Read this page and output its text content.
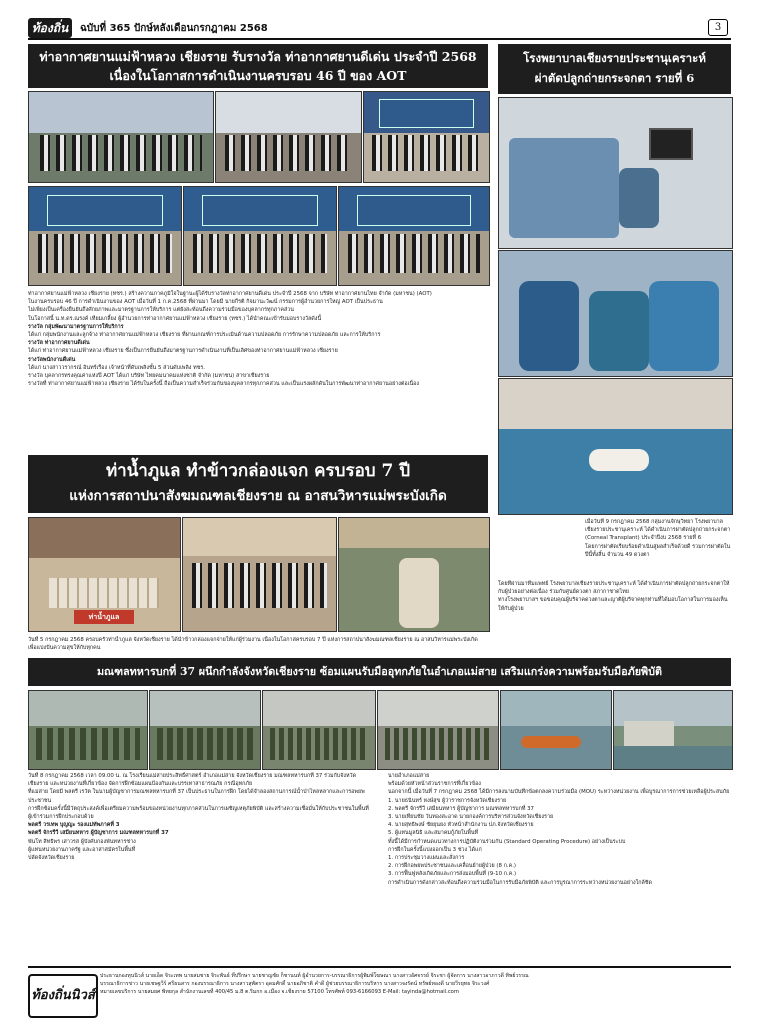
ท้องถิ่น	ฉบับที่ 365 ปักษ์หลังเดือนกรกฎาคม 2568	3
ท่าอากาศยานแม่ฟ้าหลวง เชียงราย รับรางวัล ท่าอากาศยานดีเด่น ประจำปี 2568
เนื่องในโอกาสการดำเนินงานครบรอบ 46 ปี ของ AOT

ท่าอากาศยานแม่ฟ้าหลวง เชียงราย (ทชร.) สร้างความภาคภูมิใจในฐานะผู้ได้รับรางวัลท่าอากาศยานดีเด่น ประจำปี 2568 จาก บริษัท ท่าอากาศยานไทย จำกัด (มหาชน) (AOT)

ในงานครบรอบ 46 ปี การดำเนินงานของ AOT เมื่อวันที่ 1 ก.ค.2568 ที่ผ่านมา โดยมี นายกีรติ กิจมานะวัฒน์ กรรมการผู้อำนวยการใหญ่ AOT เป็นประธาน

ไม่เพียงเป็นเครื่องยืนยันถึงศักยภาพและมาตรฐานการให้บริการ แต่ยังสะท้อนถึงความร่วมมือของบุคลากรทุกภาคส่วน

ในโอกาสนี้ น.ท.ดร.ณรงค์ เทียมเกลี้ยง ผู้อำนวยการท่าอากาศยานแม่ฟ้าหลวง เชียงราย (ทชร.) ได้นำคณะเข้ารับมอบรางวัลดังนี้

รางวัล กลุ่มพัฒนามาตรฐานการให้บริการ

ได้แก่ กลุ่มพนักงานและลูกจ้าง ท่าอากาศยานแม่ฟ้าหลวง เชียงราย ที่ผ่านเกณฑ์การประเมินด้านความปลอดภัย การรักษาความปลอดภัย และการให้บริการ

รางวัล ท่าอากาศยานดีเด่น

ได้แก่ ท่าอากาศยานแม่ฟ้าหลวง เชียงราย ซึ่งเป็นการยืนยันถึงมาตรฐานการดำเนินงานที่เป็นเลิศของท่าอากาศยานแม่ฟ้าหลวง เชียงราย

รางวัลพนักงานดีเด่น

ได้แก่ นางสาววรากรณ์ อินทร์เรือง เจ้าหน้าที่ดับเพลิงชั้น 5 ส่วนดับเพลิง ทชร.

รางวัล บุคลากรทรงคุณค่าแห่งปี AOT ได้แก่ บริษัท ไทยคมนาคมแห่งชาติ จำกัด (มหาชน) สาขาเชียงราย

รางวัลที่ ท่าอากาศยานแม่ฟ้าหลวง เชียงราย ได้รับในครั้งนี้ ถือเป็นความสำเร็จร่วมกันของบุคลากรทุกภาคส่วน และเป็นแรงผลักดันในการพัฒนาท่าอากาศยานอย่างต่อเนื่อง

โรงพยาบาลเชียงรายประชานุเคราะห์
ผ่าตัดปลูกถ่ายกระจกตา รายที่ 6

เมื่อวันที่ 9 กรกฎาคม 2568 กลุ่มงานจักษุวิทยา โรงพยาบาลเชียงรายประชานุเคราะห์ ได้ดำเนินการผ่าตัดปลูกถ่ายกระจกตา (Corneal Transplant) ประจำปีงบ 2568 รายที่ 6

โดยการผ่าตัดเรียบร้อยดำเนินสู่ผลสำเร็จด้วยดี รวมการผ่าตัดในปีนี้ทั้งสิ้น จำนวน 49 ดวงตา

โดยที่ผ่านมาทีมแพทย์ โรงพยาบาลเชียงรายประชานุเคราะห์ ได้ดำเนินการผ่าตัดปลูกถ่ายกระจกตาให้กับผู้ป่วยอย่างต่อเนื่อง ร่วมกับศูนย์ดวงตา สภากาชาดไทย

ทางโรงพยาบาลฯ ขอขอบคุณผู้บริจาคดวงตาและญาติผู้บริจาคทุกท่านที่ได้มอบโอกาสในการมองเห็นให้กับผู้ป่วย

ท่าน้ำภูแล ทำข้าวกล่องแจก ครบรอบ 7 ปี
แห่งการสถาปนาสังฆมณฑลเชียงราย ณ อาสนวิหารแม่พระบังเกิด
ท่าน้ำภูแล
วันที่ 5 กรกฎาคม 2568 ครอบครัวท่าน้ำภูแล จังหวัดเชียงราย ได้นำข้าวกล่องแจกจ่ายให้แก่ผู้ร่วมงาน เนื่องในโอกาสครบรอบ 7 ปี แห่งการสถาปนาสังฆมณฑลเชียงราย ณ อาสนวิหารแม่พระบังเกิด เพื่อแบ่งปันความสุขให้กับทุกคน
มณฑลทหารบกที่ 37 ผนึกกำลังจังหวัดเชียงราย ซ้อมแผนรับมืออุทกภัยในอำเภอแม่สาย เสริมแกร่งความพร้อมรับมือภัยพิบัติ

วันที่ 8 กรกฎาคม 2568 เวลา 09.00 น. ณ โรงเรียนแม่สายประสิทธิ์ศาสตร์ อำเภอแม่สาย จังหวัดเชียงราย มณฑลทหารบกที่ 37 ร่วมกับจังหวัดเชียงราย และหน่วยงานที่เกี่ยวข้อง จัดการฝึกซ้อมแผนป้องกันและบรรเทาสาธารณภัย กรณีอุทกภัย

ที่แม่สาย โดยมี พลตรี เรวัต ในนามผู้บัญชาการมณฑลทหารบกที่ 37 เป็นประธานในการฝึก โดยได้จำลองสถานการณ์น้ำป่าไหลหลากและการอพยพประชาชน

การฝึกซ้อมครั้งนี้มีวัตถุประสงค์เพื่อเตรียมความพร้อมของหน่วยงานทุกภาคส่วนในการเผชิญเหตุภัยพิบัติ และสร้างความเชื่อมั่นให้กับประชาชนในพื้นที่

ผู้เข้าร่วมการฝึกประกอบด้วย

พลตรี วรเทพ บุญญะ รองแม่ทัพภาคที่ 3

พลตรี จักรรีวี เสมียนทหาร ผู้บัญชาการ มณฑลทหารบกที่ 37

พันโท สิทธิพร เสาวรส ผู้บังคับกองพันทหารช่าง

ผู้แทนหน่วยงานภาครัฐ และอาสาสมัครในพื้นที่

ปลัดจังหวัดเชียงราย

นายอำเภอแม่สาย

พร้อมด้วยหัวหน้าส่วนราชการที่เกี่ยวข้อง

นอกจากนี้ เมื่อวันที่ 7 กรกฎาคม 2568 ได้มีการลงนามบันทึกข้อตกลงความร่วมมือ (MOU) ระหว่างหน่วยงาน เพื่อบูรณาการการช่วยเหลือผู้ประสบภัย

1. นายธนินทร์ หงษ์สุข ผู้ว่าราชการจังหวัดเชียงราย

2. พลตรี จักรรีวี เสมียนทหาร ผู้บัญชาการ มณฑลทหารบกที่ 37

3. นายเทียนชัย วันทองสะอาด นายกองค์การบริหารส่วนจังหวัดเชียงราย

4. นายสุทธิพงษ์ ชัยยุนยง หัวหน้าสำนักงาน ปภ.จังหวัดเชียงราย

5. ผู้แทนมูลนิธิ และสมาคมกู้ภัยในพื้นที่

ทั้งนี้ได้มีการกำหนดแนวทางการปฏิบัติงานร่วมกัน (Standard Operating Procedure) อย่างเป็นระบบ

การฝึกในครั้งนี้แบ่งออกเป็น 3 ช่วง ได้แก่

1. การประชุมวางแผนและสั่งการ

2. การฝึกอพยพประชาชนและเคลื่อนย้ายผู้ป่วย (8 ก.ค.)

3. การฟื้นฟูหลังเกิดภัยและการส่งมอบพื้นที่ (9-10 ก.ค.)

การดำเนินการดังกล่าวสะท้อนถึงความร่วมมือในการรับมือภัยพิบัติ และการบูรณาการระหว่างหน่วยงานอย่างใกล้ชิด

ท้องถิ่นนิวส์

ประธานกองทุนนิวส์ นายเอ็ด จิระเทพ นายสมชาย จิระพันธ์ ที่ปรึกษา นายชาญชัย ก็ชานนท์ ผู้อำนวยการ-บรรณาธิการผู้พิมพ์โฆษณา นางสาวอัศจรรย์ จิระชา ผู้จัดการ นางสาวอาภาวดี ทิพย์วรรณ

บรรณาธิการข่าว นายเชษฐวีร์ ศรีธนสาร กองบรรณาธิการ นางสาวสุพัตรา อุดมศักดิ์ นายอภิชาติ คำดี ผู้ช่วยบรรณาธิการบริหาร นางสาวจงรัตน์ ทรัพย์ทองดี นายวีรยุทธ จิระวงศ์

หมายเลขบริการ นายสมยศ พิทยกุล สำนักงานเลขที่ 400/45 ม.8 ต.ริมกก อ.เมือง จ.เชียงราย 57100 โทรศัพท์ 093-6166093 E-Mail: tayinda@hotmail.com
